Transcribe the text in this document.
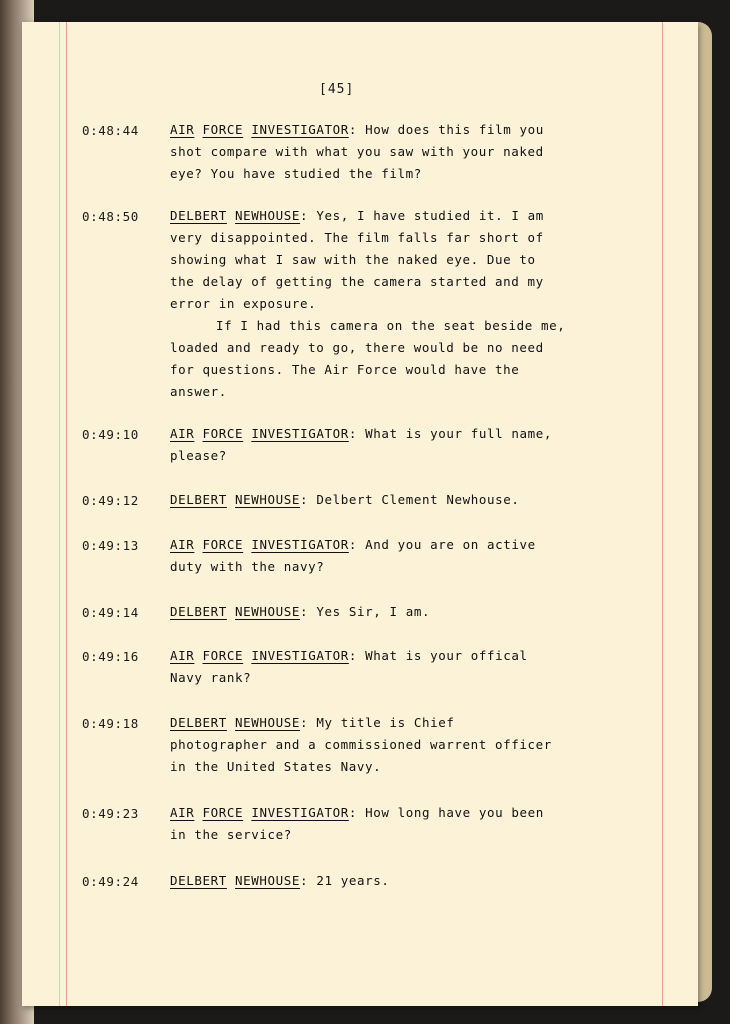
[45]
0:48:44 AIR FORCE INVESTIGATOR: How does this film you
shot compare with what you saw with your naked
eye? You have studied the film?
0:48:50 DELBERT NEWHOUSE: Yes, I have studied it. I am
very disappointed. The film falls far short of
showing what I saw with the naked eye. Due to
the delay of getting the camera started and my
error in exposure.

If I had this camera on the seat beside me,
loaded and ready to go, there would be no need
for questions. The Air Force would have the
answer.
0:49:10 AIR FORCE INVESTIGATOR: What is your full name,
please?
0:49:12 DELBERT NEWHOUSE: Delbert Clement Newhouse.
0:49:13 AIR FORCE INVESTIGATOR: And you are on active
duty with the navy?
0:49:14 DELBERT NEWHOUSE: Yes Sir, I am.
0:49:16 AIR FORCE INVESTIGATOR: What is your offical
Navy rank?
0:49:18 DELBERT NEWHOUSE: My title is Chief
photographer and a commissioned warrent officer
in the United States Navy.
0:49:23 AIR FORCE INVESTIGATOR: How long have you been
in the service?
0:49:24 DELBERT NEWHOUSE: 21 years.
